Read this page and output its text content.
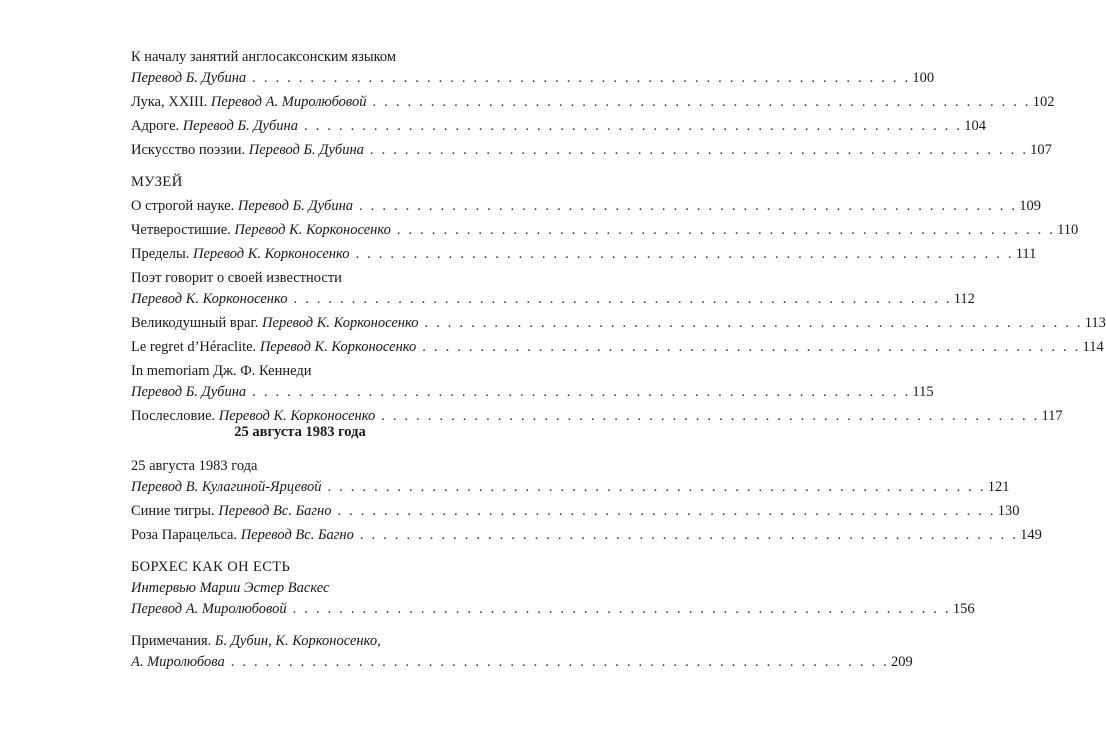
К началу занятий англосаксонским языком
Перевод Б. Дубина . . . . . . . . . . . . . . . . . . . . . . . . . . . . . . . . . . . . . . . . . . . . . . . . . . . . . . . . . 100
Лука, XXIII. Перевод А. Миролюбовой . . . . . . . . . . . . . . . . . . . . . . . . . . . . . . . . . . . . . . . . . . . . . . . . . . . . . . . . . 102
Адроге. Перевод Б. Дубина . . . . . . . . . . . . . . . . . . . . . . . . . . . . . . . . . . . . . . . . . . . . . . . . . . . . . . . . . 104
Искусство поэзии. Перевод Б. Дубина . . . . . . . . . . . . . . . . . . . . . . . . . . . . . . . . . . . . . . . . . . . . . . . . . . . . . . . . . 107
МУЗЕЙ
О строгой науке. Перевод Б. Дубина . . . . . . . . . . . . . . . . . . . . . . . . . . . . . . . . . . . . . . . . . . . . . . . . . . . . . . . . . 109
Четверостишие. Перевод К. Корконосенко . . . . . . . . . . . . . . . . . . . . . . . . . . . . . . . . . . . . . . . . . . . . . . . . . . . . . . . . . 110
Пределы. Перевод К. Корконосенко . . . . . . . . . . . . . . . . . . . . . . . . . . . . . . . . . . . . . . . . . . . . . . . . . . . . . . . . . 111
Поэт говорит о своей известности
Перевод К. Корконосенко . . . . . . . . . . . . . . . . . . . . . . . . . . . . . . . . . . . . . . . . . . . . . . . . . . . . . . . . . 112
Великодушный враг. Перевод К. Корконосенко . . . . . . . . . . . . . . . . . . . . . . . . . . . . . . . . . . . . . . . . . . . . . . . . . . . . . . . . . 113
Le regret d’Héraclite. Перевод К. Корконосенко . . . . . . . . . . . . . . . . . . . . . . . . . . . . . . . . . . . . . . . . . . . . . . . . . . . . . . . . . 114
In memoriam Дж. Ф. Кеннеди
Перевод Б. Дубина . . . . . . . . . . . . . . . . . . . . . . . . . . . . . . . . . . . . . . . . . . . . . . . . . . . . . . . . . 115
Послесловие. Перевод К. Корконосенко . . . . . . . . . . . . . . . . . . . . . . . . . . . . . . . . . . . . . . . . . . . . . . . . . . . . . . . . . 117
25 августа 1983 года
25 августа 1983 года
Перевод В. Кулагиной-Ярцевой . . . . . . . . . . . . . . . . . . . . . . . . . . . . . . . . . . . . . . . . . . . . . . . . . . . . . . . . . 121
Синие тигры. Перевод Вс. Багно . . . . . . . . . . . . . . . . . . . . . . . . . . . . . . . . . . . . . . . . . . . . . . . . . . . . . . . . . 130
Роза Парацельса. Перевод Вс. Багно . . . . . . . . . . . . . . . . . . . . . . . . . . . . . . . . . . . . . . . . . . . . . . . . . . . . . . . . . 149
БОРХЕС КАК ОН ЕСТЬ
Интервью Марии Эстер Васкес
Перевод А. Миролюбовой . . . . . . . . . . . . . . . . . . . . . . . . . . . . . . . . . . . . . . . . . . . . . . . . . . . . . . . . . 156
Примечания. Б. Дубин, К. Корконосенко,
А. Миролюбова . . . . . . . . . . . . . . . . . . . . . . . . . . . . . . . . . . . . . . . . . . . . . . . . . . . . . . . . . 209
